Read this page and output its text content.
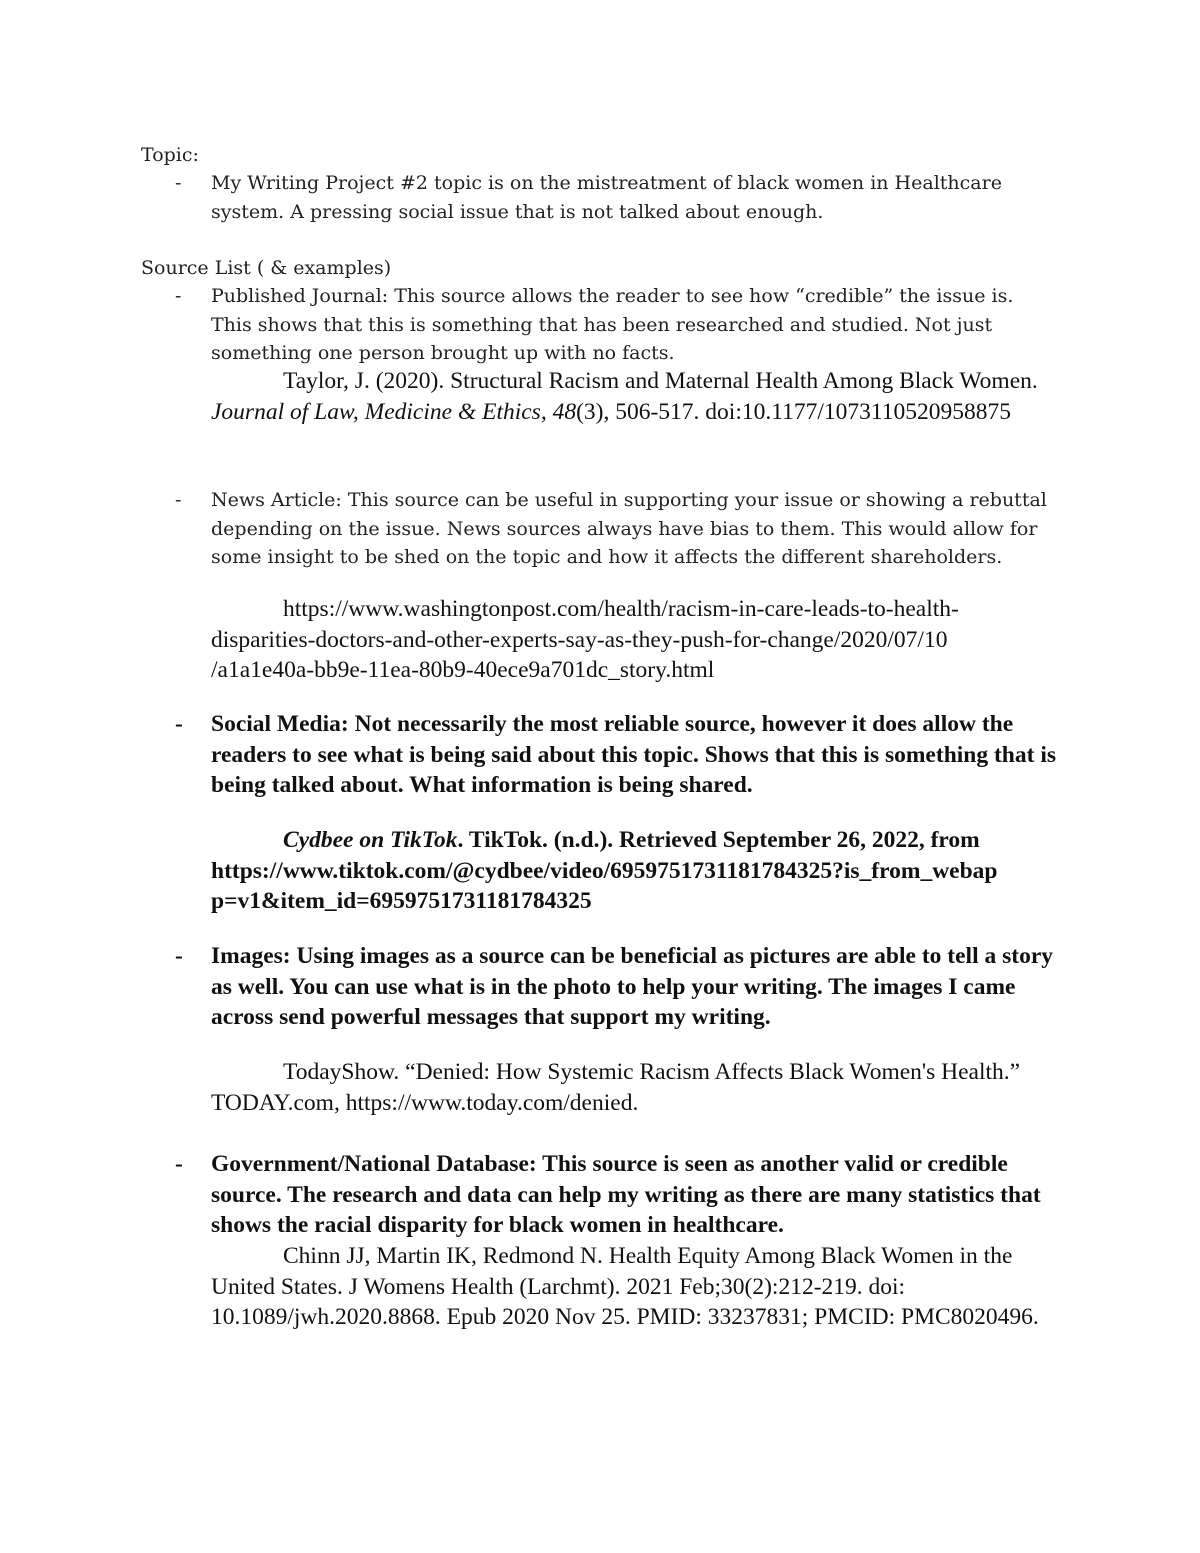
Topic:
- My Writing Project #2 topic is on the mistreatment of black women in Healthcare system. A pressing social issue that is not talked about enough.
Source List ( & examples)
- Published Journal: This source allows the reader to see how “credible” the issue is. This shows that this is something that has been researched and studied. Not just something one person brought up with no facts.
Taylor, J. (2020). Structural Racism and Maternal Health Among Black Women. Journal of Law, Medicine & Ethics, 48(3), 506-517. doi:10.1177/1073110520958875
- News Article: This source can be useful in supporting your issue or showing a rebuttal depending on the issue. News sources always have bias to them. This would allow for some insight to be shed on the topic and how it affects the different shareholders.
https://www.washingtonpost.com/health/racism-in-care-leads-to-health-
disparities-doctors-and-other-experts-say-as-they-push-for-change/2020/07/10
/a1a1e40a-bb9e-11ea-80b9-40ece9a701dc_story.html
- Social Media: Not necessarily the most reliable source, however it does allow the readers to see what is being said about this topic. Shows that this is something that is being talked about. What information is being shared.
Cydbee on TikTok. TikTok. (n.d.). Retrieved September 26, 2022, from
https://www.tiktok.com/@cydbee/video/6959751731181784325?is_from_webap
p=v1&item_id=6959751731181784325
- Images: Using images as a source can be beneficial as pictures are able to tell a story as well. You can use what is in the photo to help your writing. The images I came across send powerful messages that support my writing.
TodayShow. “Denied: How Systemic Racism Affects Black Women's Health.” TODAY.com, https://www.today.com/denied.
- Government/National Database: This source is seen as another valid or credible source. The research and data can help my writing as there are many statistics that shows the racial disparity for black women in healthcare.
Chinn JJ, Martin IK, Redmond N. Health Equity Among Black Women in the United States. J Womens Health (Larchmt). 2021 Feb;30(2):212-219. doi: 10.1089/jwh.2020.8868. Epub 2020 Nov 25. PMID: 33237831; PMCID: PMC8020496.
